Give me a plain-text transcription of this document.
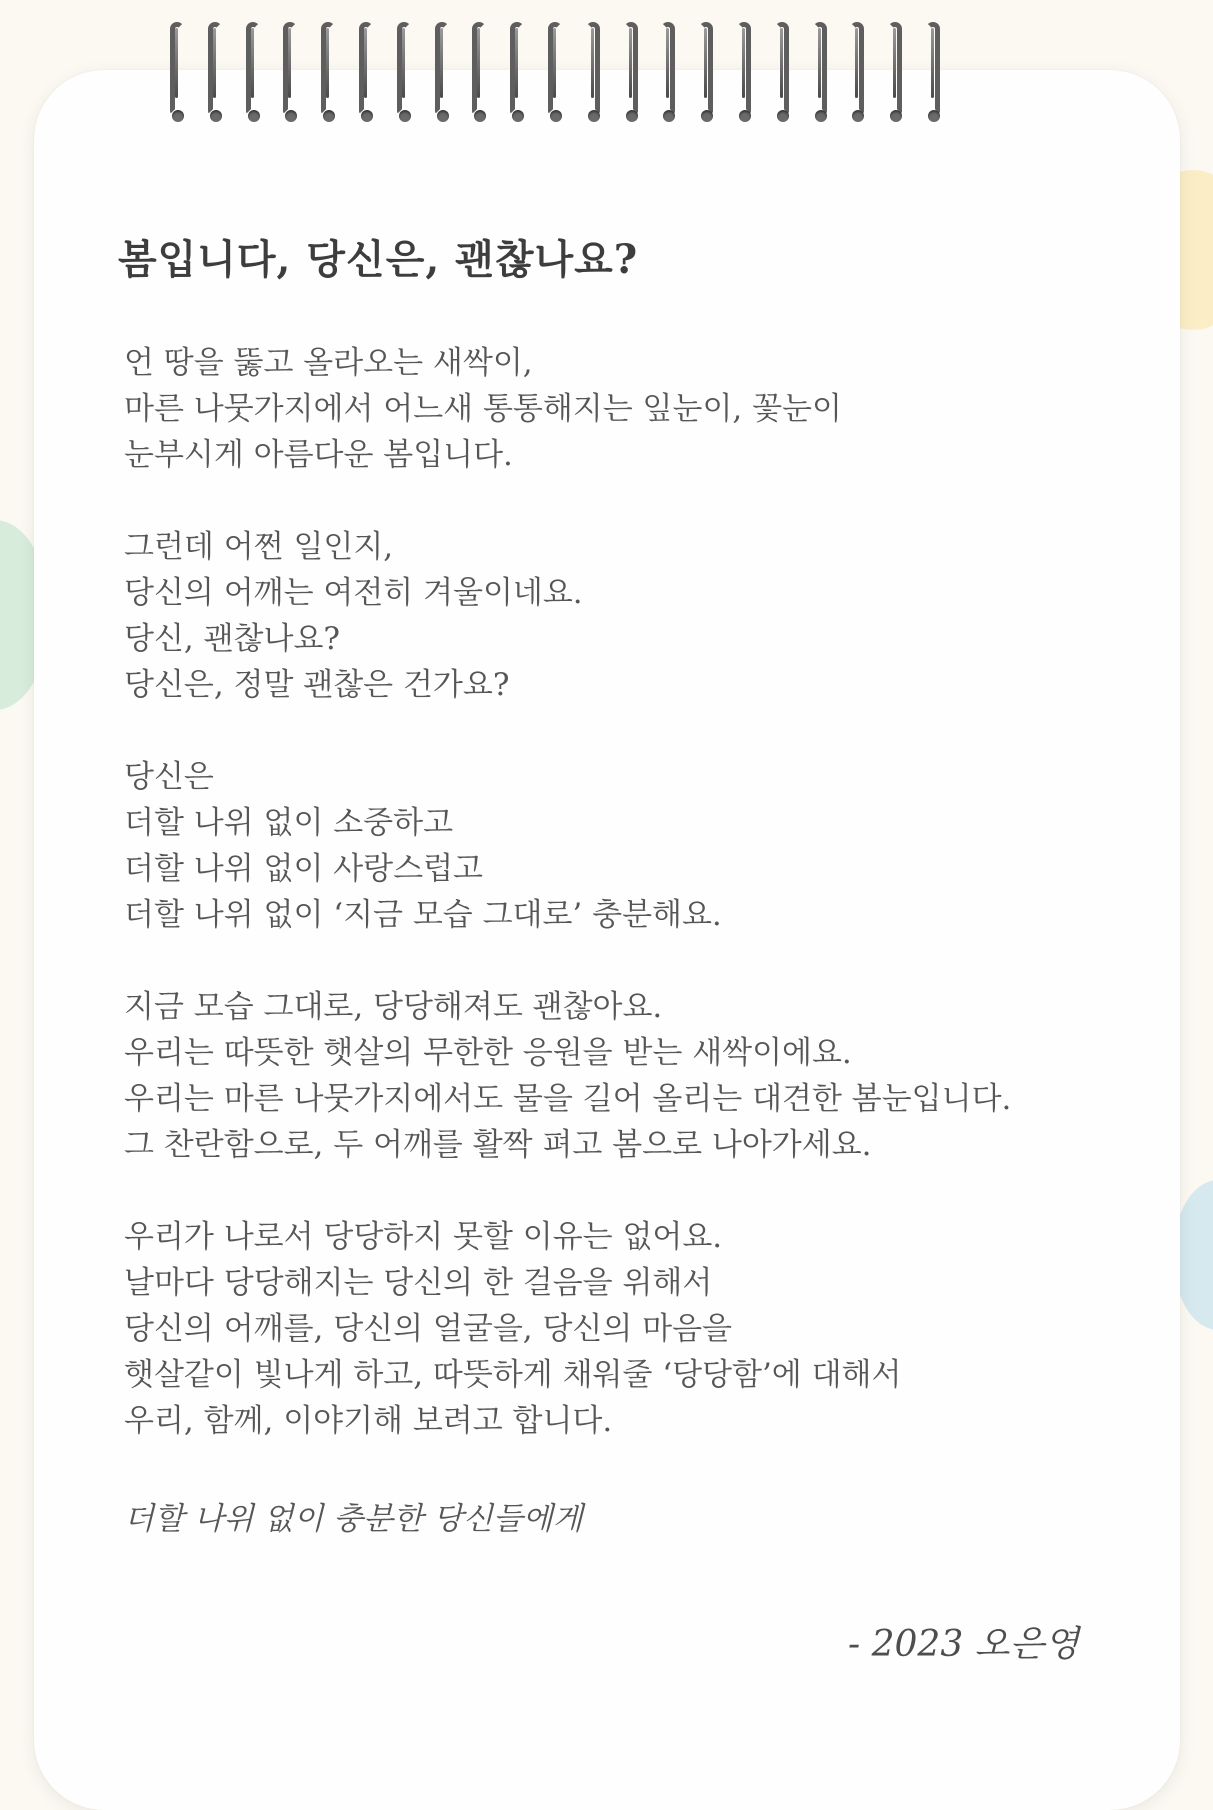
봄입니다, 당신은, 괜찮나요?
언 땅을 뚫고 올라오는 새싹이,
마른 나뭇가지에서 어느새 통통해지는 잎눈이, 꽃눈이
눈부시게 아름다운 봄입니다.
그런데 어쩐 일인지,
당신의 어깨는 여전히 겨울이네요.
당신, 괜찮나요?
당신은, 정말 괜찮은 건가요?
당신은
더할 나위 없이 소중하고
더할 나위 없이 사랑스럽고
더할 나위 없이 ‘지금 모습 그대로’ 충분해요.
지금 모습 그대로, 당당해져도 괜찮아요.
우리는 따뜻한 햇살의 무한한 응원을 받는 새싹이에요.
우리는 마른 나뭇가지에서도 물을 길어 올리는 대견한 봄눈입니다.
그 찬란함으로, 두 어깨를 활짝 펴고 봄으로 나아가세요.
우리가 나로서 당당하지 못할 이유는 없어요.
날마다 당당해지는 당신의 한 걸음을 위해서
당신의 어깨를, 당신의 얼굴을, 당신의 마음을
햇살같이 빛나게 하고, 따뜻하게 채워줄 ‘당당함’에 대해서
우리, 함께, 이야기해 보려고 합니다.

더할 나위 없이 충분한 당신들에게

- 2023 오은영
